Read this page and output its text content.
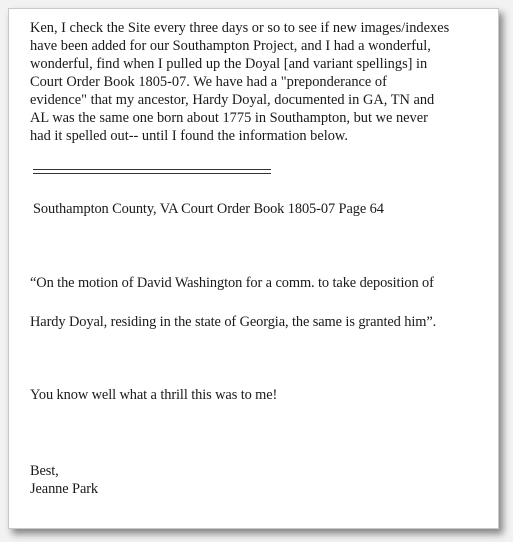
Ken, I check the Site every three days or so to see if new images/indexes
have been added for our Southampton Project, and I had a wonderful,
wonderful, find when I pulled up the Doyal [and variant spellings] in
Court Order Book 1805-07. We have had a "preponderance of
evidence" that my ancestor, Hardy Doyal, documented in GA, TN and
AL was the same one born about 1775 in Southampton, but we never
had it spelled out-- until I found the information below.
Southampton County, VA Court Order Book 1805-07 Page 64
“On the motion of David Washington for a comm. to take deposition of
Hardy Doyal, residing in the state of Georgia, the same is granted him”.
You know well what a thrill this was to me!
Best,
Jeanne Park
